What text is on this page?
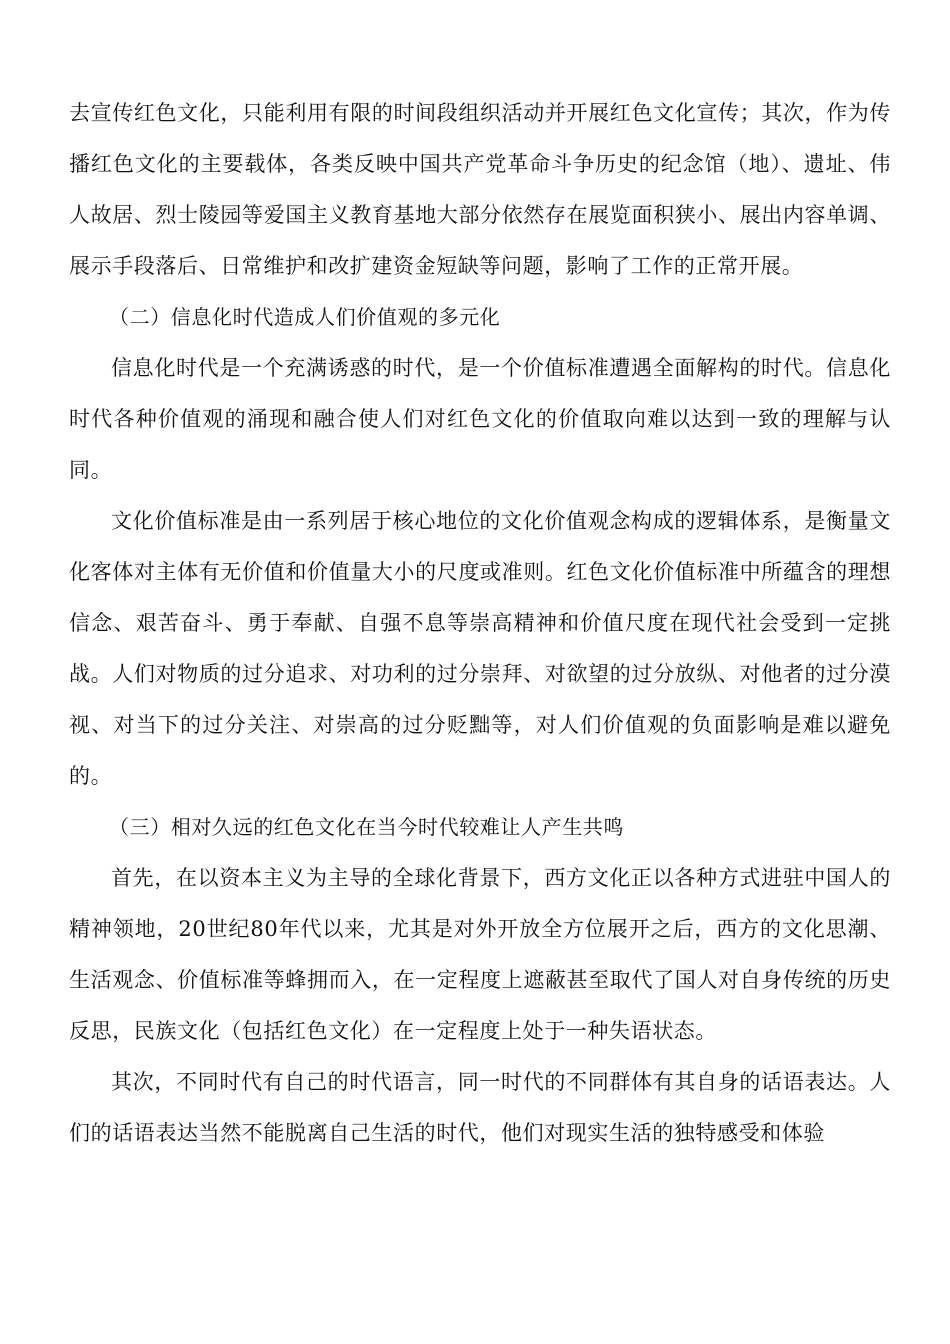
去宣传红色文化，只能利用有限的时间段组织活动并开展红色文化宣传；其次，作为传播红色文化的主要载体，各类反映中国共产党革命斗争历史的纪念馆（地）、遗址、伟人故居、烈士陵园等爱国主义教育基地大部分依然存在展览面积狭小、展出内容单调、展示手段落后、日常维护和改扩建资金短缺等问题，影响了工作的正常开展。

（二）信息化时代造成人们价值观的多元化

信息化时代是一个充满诱惑的时代，是一个价值标准遭遇全面解构的时代。信息化时代各种价值观的涌现和融合使人们对红色文化的价值取向难以达到一致的理解与认同。

文化价值标准是由一系列居于核心地位的文化价值观念构成的逻辑体系，是衡量文化客体对主体有无价值和价值量大小的尺度或准则。红色文化价值标准中所蕴含的理想信念、艰苦奋斗、勇于奉献、自强不息等崇高精神和价值尺度在现代社会受到一定挑战。人们对物质的过分追求、对功利的过分崇拜、对欲望的过分放纵、对他者的过分漠视、对当下的过分关注、对崇高的过分贬黜等，对人们价值观的负面影响是难以避免的。

（三）相对久远的红色文化在当今时代较难让人产生共鸣

首先，在以资本主义为主导的全球化背景下，西方文化正以各种方式进驻中国人的精神领地，20世纪80年代以来，尤其是对外开放全方位展开之后，西方的文化思潮、生活观念、价值标准等蜂拥而入，在一定程度上遮蔽甚至取代了国人对自身传统的历史反思，民族文化（包括红色文化）在一定程度上处于一种失语状态。

其次，不同时代有自己的时代语言，同一时代的不同群体有其自身的话语表达。人们的话语表达当然不能脱离自己生活的时代，他们对现实生活的独特感受和体验
